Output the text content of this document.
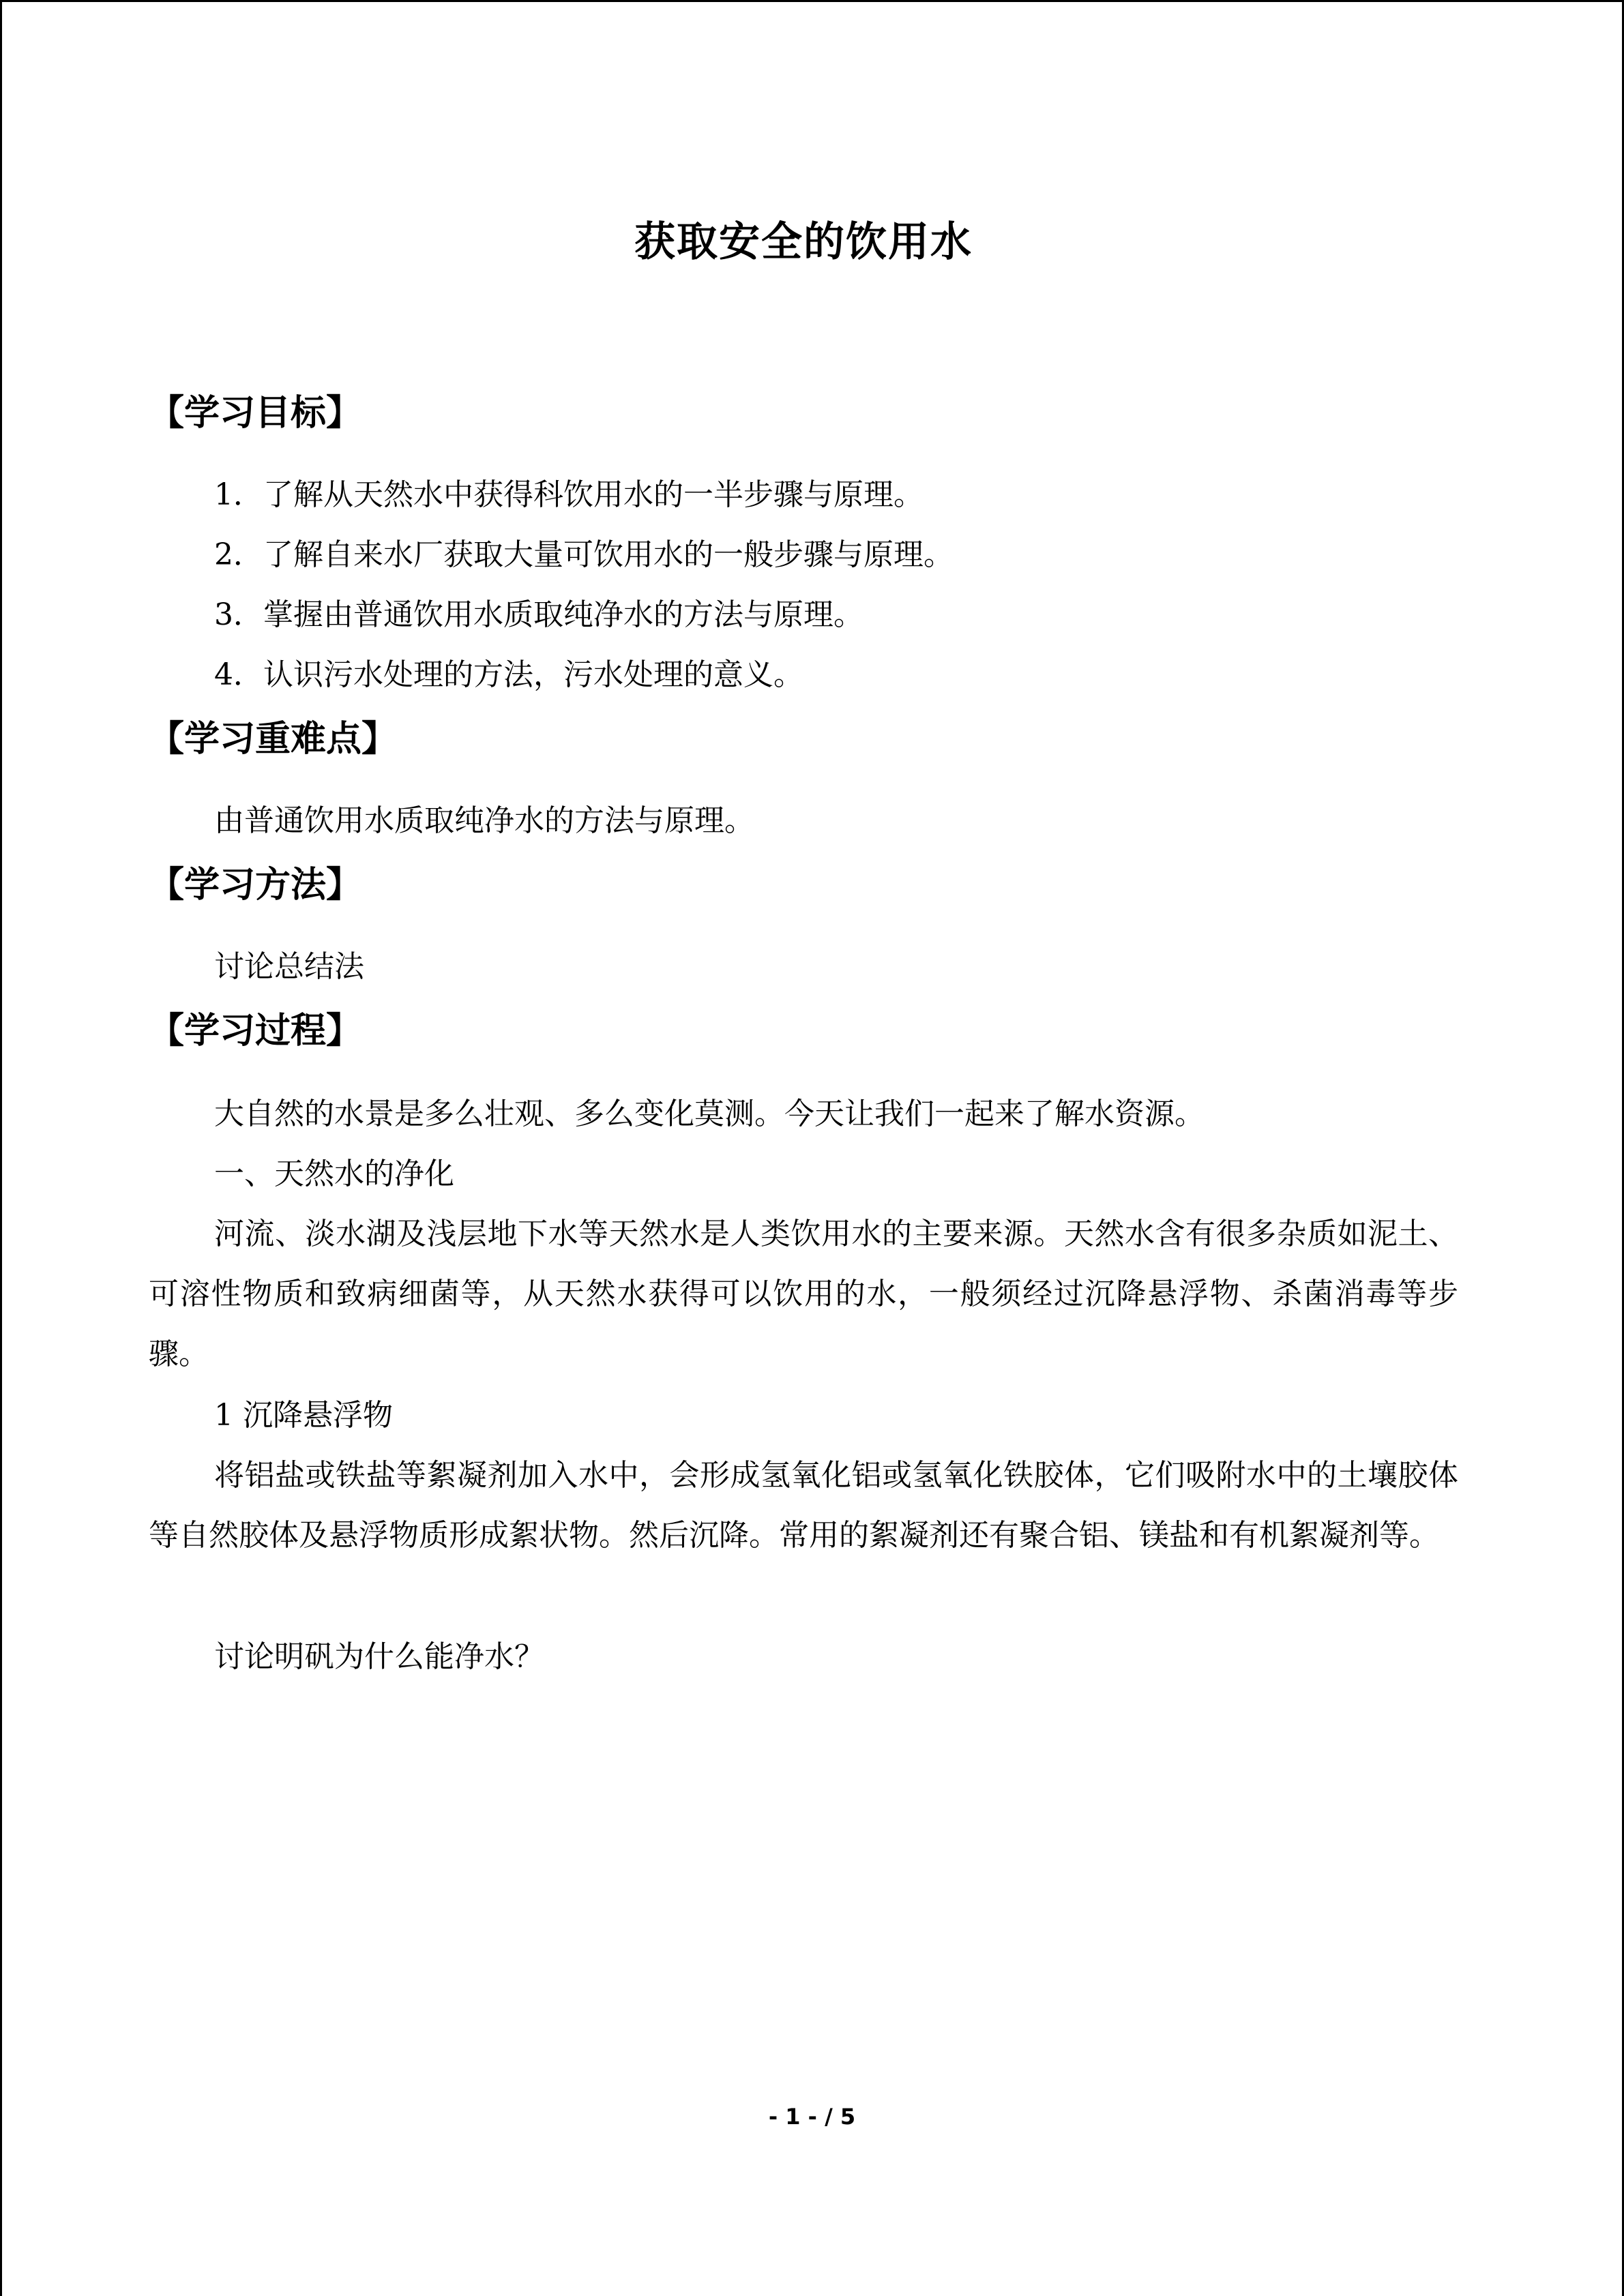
获取安全的饮用水
【学习目标】
1．了解从天然水中获得科饮用水的一半步骤与原理。
2．了解自来水厂获取大量可饮用水的一般步骤与原理。
3．掌握由普通饮用水质取纯净水的方法与原理。
4．认识污水处理的方法，污水处理的意义。
【学习重难点】
由普通饮用水质取纯净水的方法与原理。
【学习方法】
讨论总结法
【学习过程】
大自然的水景是多么壮观、多么变化莫测。今天让我们一起来了解水资源。
一、天然水的净化
河流、淡水湖及浅层地下水等天然水是人类饮用水的主要来源。天然水含有很多杂质如泥土、可溶性物质和致病细菌等，从天然水获得可以饮用的水，一般须经过沉降悬浮物、杀菌消毒等步骤。
1 沉降悬浮物
将铝盐或铁盐等絮凝剂加入水中，会形成氢氧化铝或氢氧化铁胶体，它们吸附水中的土壤胶体等自然胶体及悬浮物质形成絮状物。然后沉降。常用的絮凝剂还有聚合铝、镁盐和有机絮凝剂等。
讨论明矾为什么能净水？
- 1 - / 5
